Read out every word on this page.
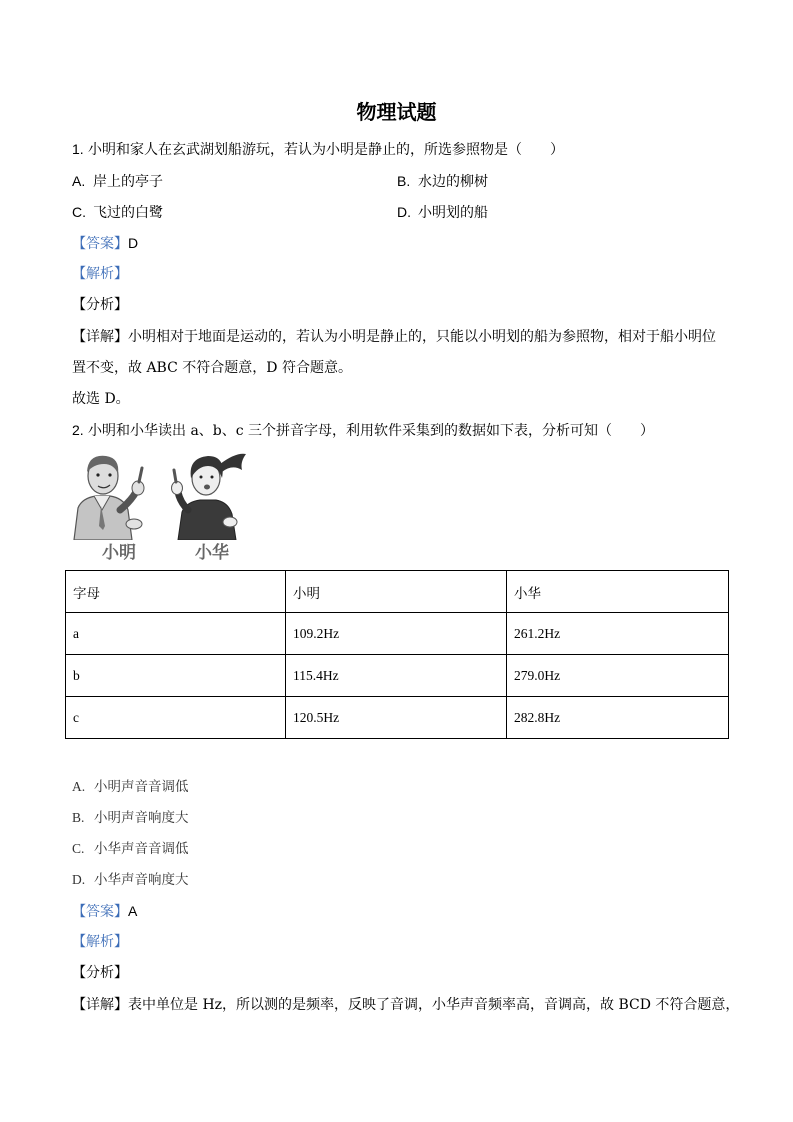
物理试题
1. 小明和家人在玄武湖划船游玩，若认为小明是静止的，所选参照物是（　　）
A. 岸上的亭子	B. 水边的柳树
C. 飞过的白鹭	D. 小明划的船
【答案】D
【解析】
【分析】
【详解】小明相对于地面是运动的，若认为小明是静止的，只能以小明划的船为参照物，相对于船小明位
置不变，故 ABC 不符合题意，D 符合题意。
故选 D。
2. 小明和小华读出 a、b、c 三个拼音字母，利用软件采集到的数据如下表，分析可知（　　）
小明	小华
字母	小明	小华
a	109.2Hz	261.2Hz
b	115.4Hz	279.0Hz
c	120.5Hz	282.8Hz
A. 小明声音音调低
B. 小明声音响度大
C. 小华声音音调低
D. 小华声音响度大
【答案】A
【解析】
【分析】
【详解】表中单位是 Hz，所以测的是频率，反映了音调，小华声音频率高，音调高，故 BCD 不符合题意，
